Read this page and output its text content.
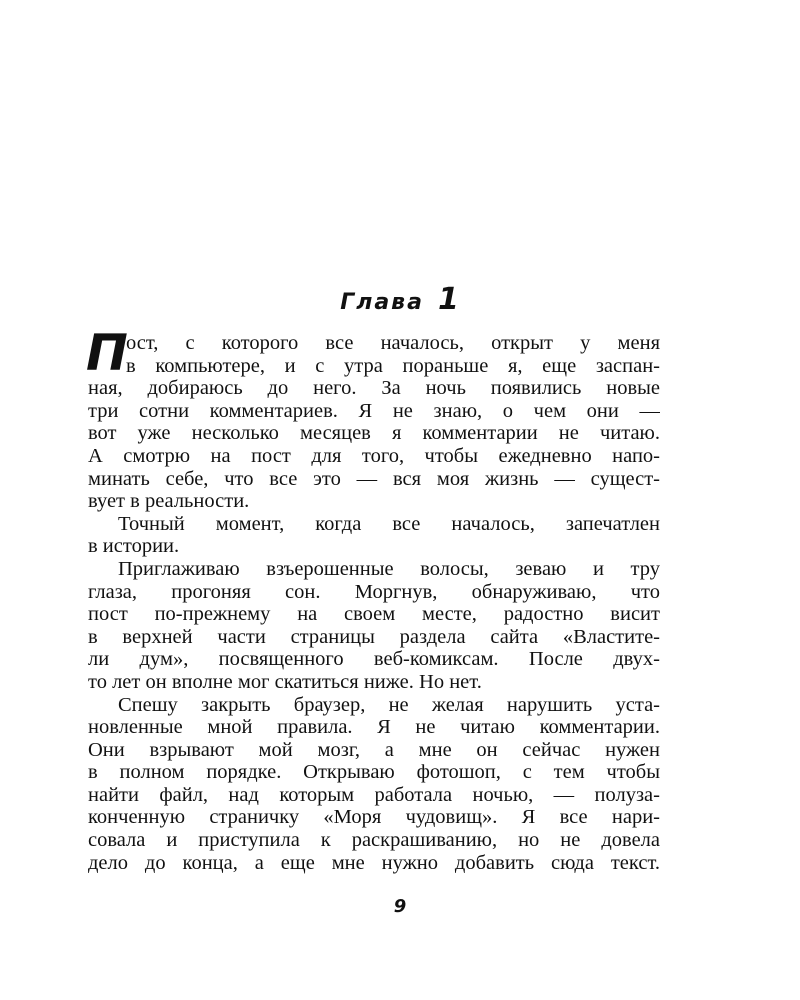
Глава 1
П
ост, с которого все началось, открыт у меня
в компьютере, и с утра пораньше я, еще заспан-
ная, добираюсь до него. За ночь появились новые
три сотни комментариев. Я не знаю, о чем они —
вот уже несколько месяцев я комментарии не читаю.
А смотрю на пост для того, чтобы ежедневно напо-
минать себе, что все это — вся моя жизнь — сущест-
вует в реальности.
Точный момент, когда все началось, запечатлен
в истории.
Приглаживаю взъерошенные волосы, зеваю и тру
глаза, прогоняя сон. Моргнув, обнаруживаю, что
пост по-прежнему на своем месте, радостно висит
в верхней части страницы раздела сайта «Властите-
ли дум», посвященного веб-комиксам. После двух-
то лет он вполне мог скатиться ниже. Но нет.
Спешу закрыть браузер, не желая нарушить уста-
новленные мной правила. Я не читаю комментарии.
Они взрывают мой мозг, а мне он сейчас нужен
в полном порядке. Открываю фотошоп, с тем чтобы
найти файл, над которым работала ночью, — полуза-
конченную страничку «Моря чудовищ». Я все нари-
совала и приступила к раскрашиванию, но не довела
дело до конца, а еще мне нужно добавить сюда текст.
9
